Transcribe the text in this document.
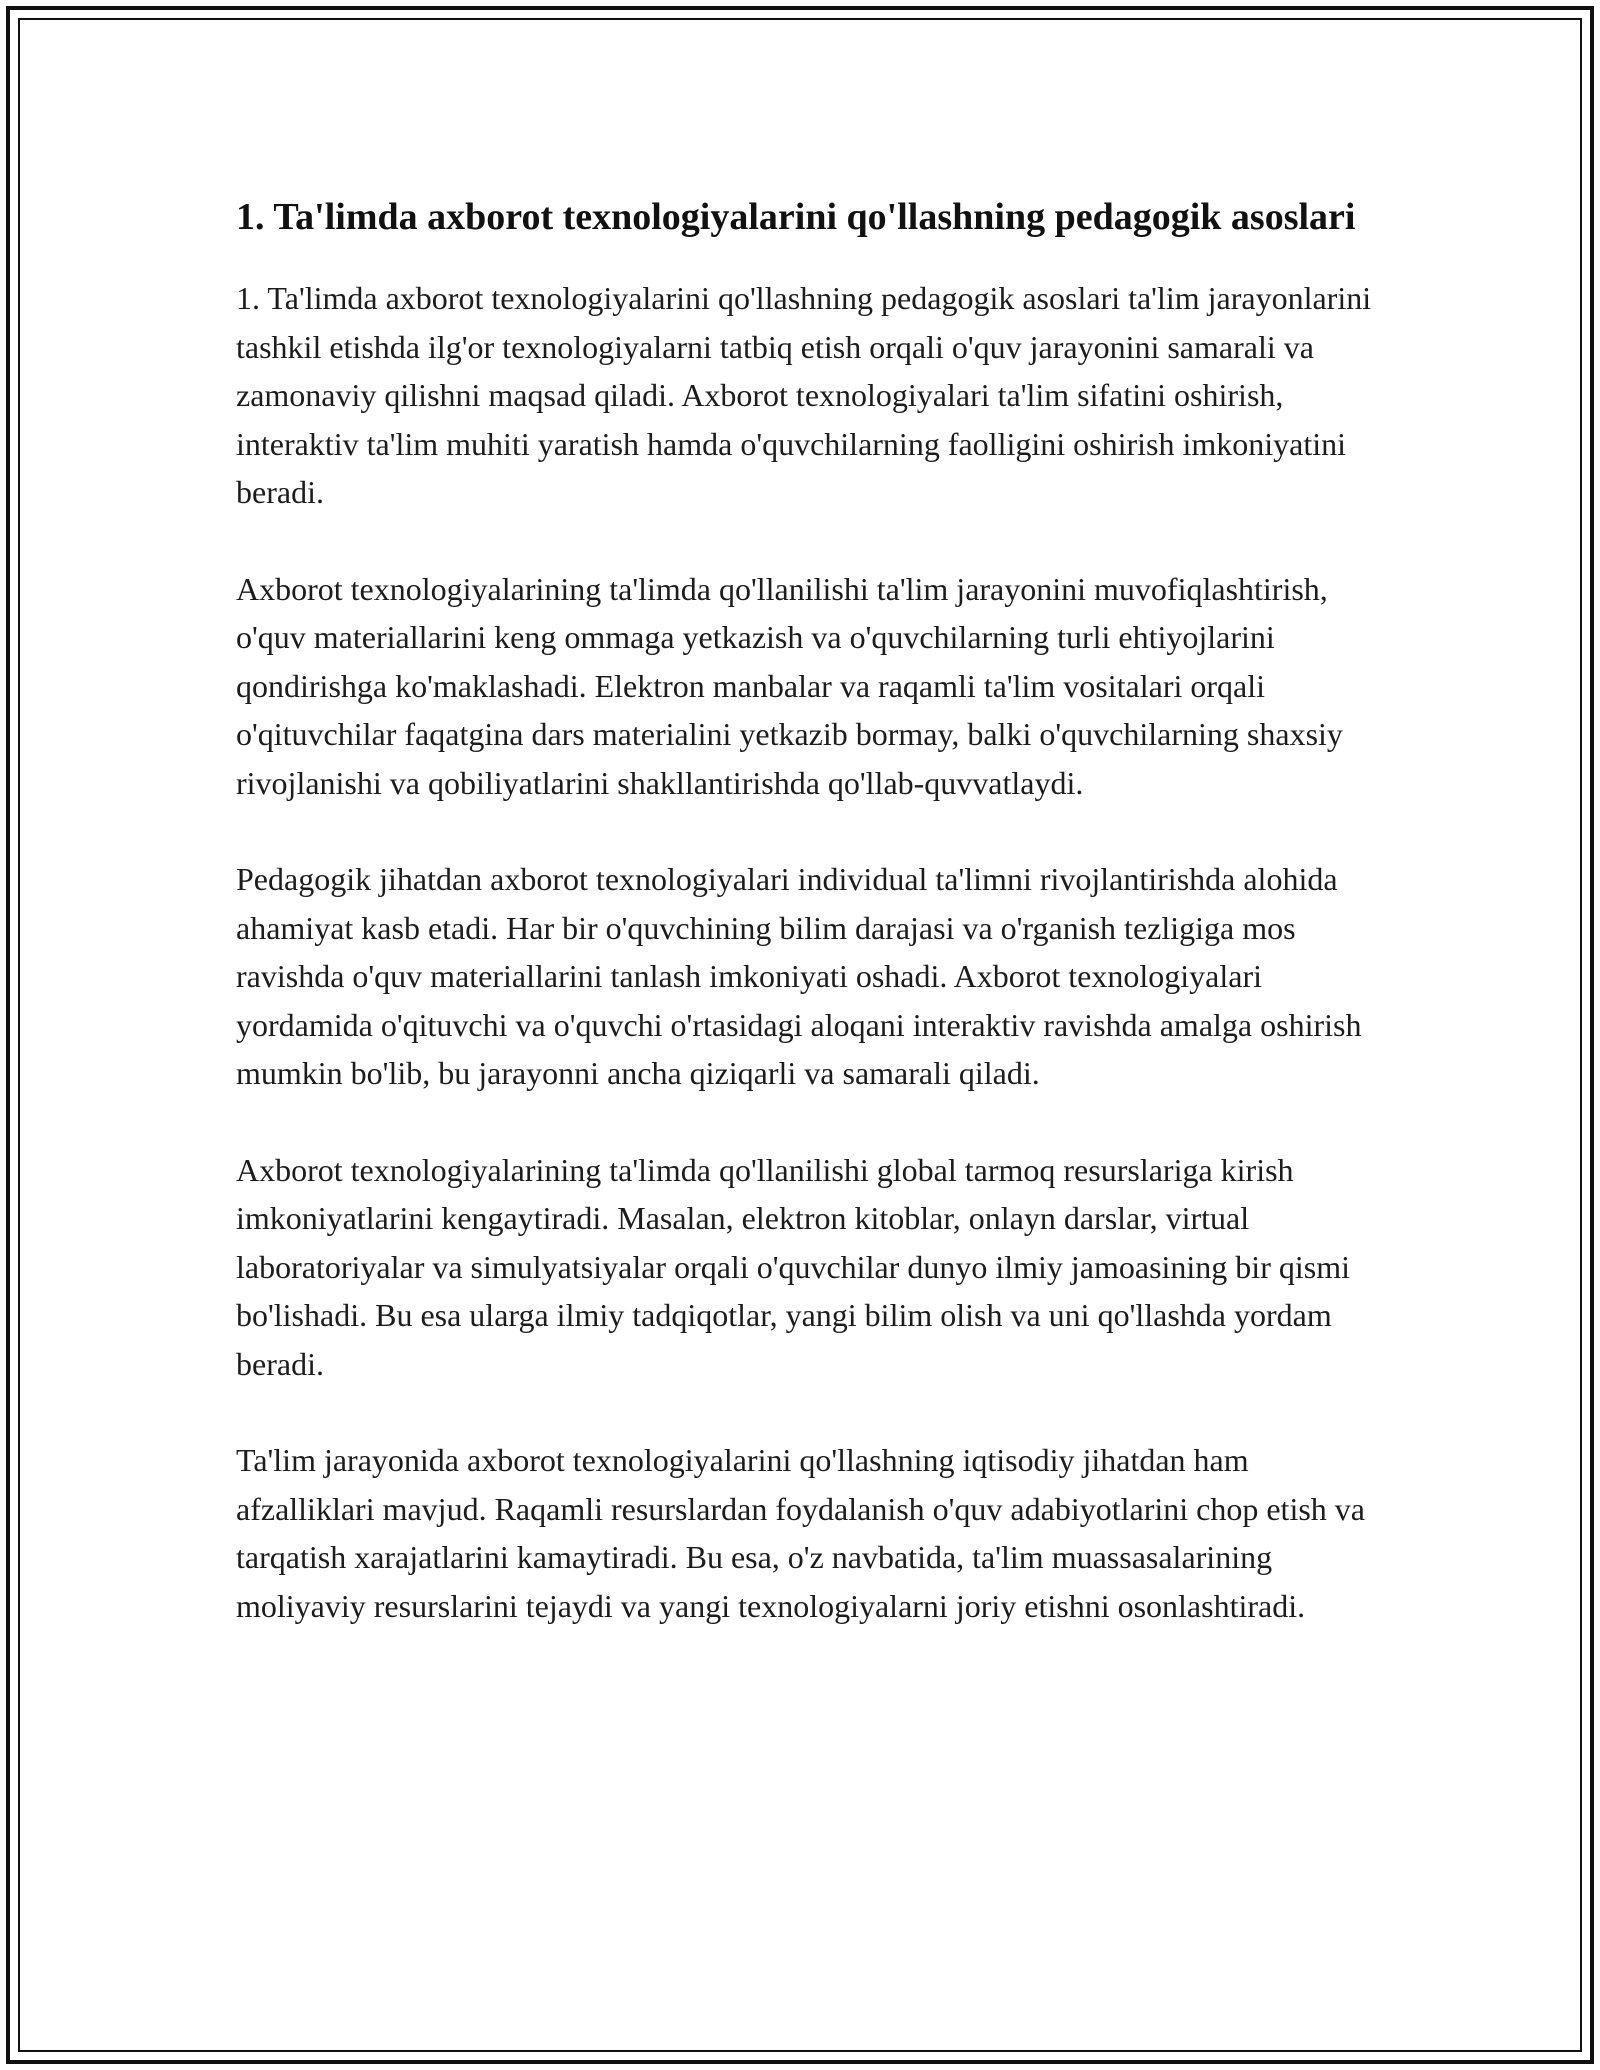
1. Ta'limda axborot texnologiyalarini qo'llashning pedagogik asoslari

1. Ta'limda axborot texnologiyalarini qo'llashning pedagogik asoslari ta'lim jarayonlarini tashkil etishda ilg'or texnologiyalarni tatbiq etish orqali o'quv jarayonini samarali va zamonaviy qilishni maqsad qiladi. Axborot texnologiyalari ta'lim sifatini oshirish, interaktiv ta'lim muhiti yaratish hamda o'quvchilarning faolligini oshirish imkoniyatini beradi.

Axborot texnologiyalarining ta'limda qo'llanilishi ta'lim jarayonini muvofiqlashtirish, o'quv materiallarini keng ommaga yetkazish va o'quvchilarning turli ehtiyojlarini qondirishga ko'maklashadi. Elektron manbalar va raqamli ta'lim vositalari orqali o'qituvchilar faqatgina dars materialini yetkazib bormay, balki o'quvchilarning shaxsiy rivojlanishi va qobiliyatlarini shakllantirishda qo'llab-quvvatlaydi.

Pedagogik jihatdan axborot texnologiyalari individual ta'limni rivojlantirishda alohida ahamiyat kasb etadi. Har bir o'quvchining bilim darajasi va o'rganish tezligiga mos ravishda o'quv materiallarini tanlash imkoniyati oshadi. Axborot texnologiyalari yordamida o'qituvchi va o'quvchi o'rtasidagi aloqani interaktiv ravishda amalga oshirish mumkin bo'lib, bu jarayonni ancha qiziqarli va samarali qiladi.

Axborot texnologiyalarining ta'limda qo'llanilishi global tarmoq resurslariga kirish imkoniyatlarini kengaytiradi. Masalan, elektron kitoblar, onlayn darslar, virtual laboratoriyalar va simulyatsiyalar orqali o'quvchilar dunyo ilmiy jamoasining bir qismi bo'lishadi. Bu esa ularga ilmiy tadqiqotlar, yangi bilim olish va uni qo'llashda yordam beradi.

Ta'lim jarayonida axborot texnologiyalarini qo'llashning iqtisodiy jihatdan ham afzalliklari mavjud. Raqamli resurslardan foydalanish o'quv adabiyotlarini chop etish va tarqatish xarajatlarini kamaytiradi. Bu esa, o'z navbatida, ta'lim muassasalarining moliyaviy resurslarini tejaydi va yangi texnologiyalarni joriy etishni osonlashtiradi.
